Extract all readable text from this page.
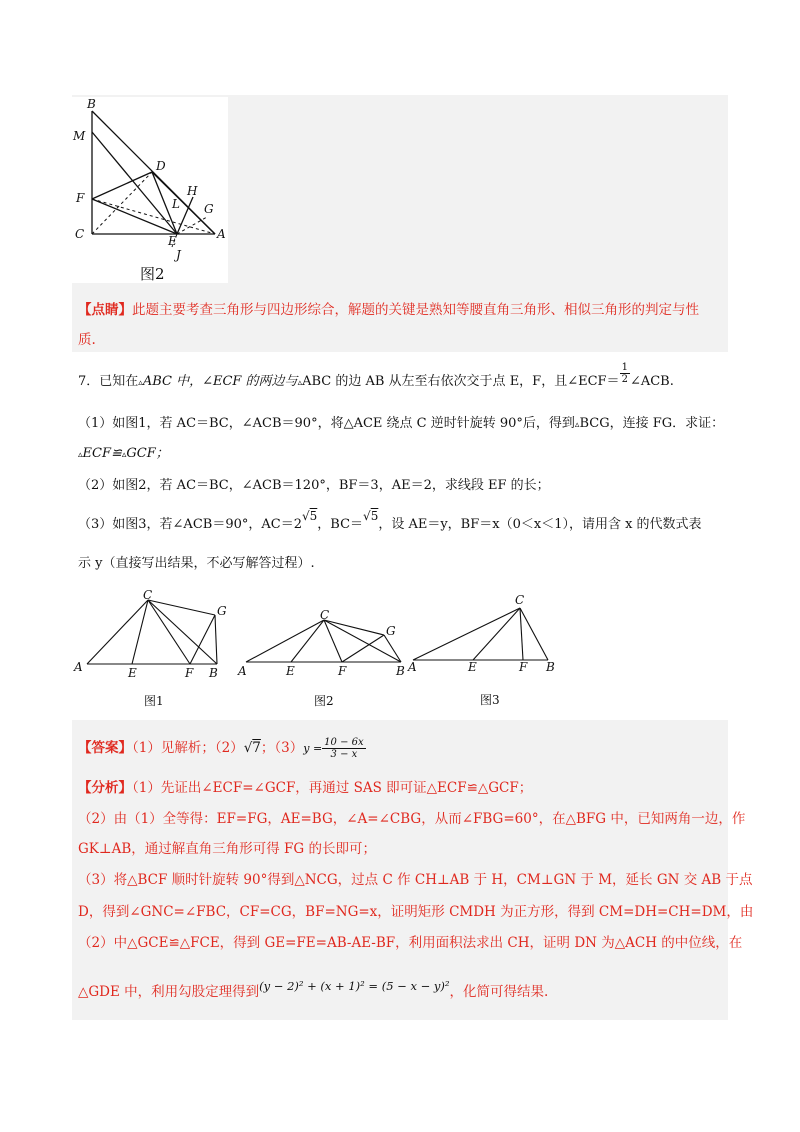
B
M
D
H
F	L G
C	E	A
J
图2
【点睛】此题主要考查三角形与四边形综合，解题的关键是熟知等腰直角三角形、相似三角形的判定与性
质.
7．已知在▵ABC 中，∠ECF 的两边与▵ABC 的边 AB 从左至右依次交于点 E，F，且∠ECF＝ $\frac{1}{2}$ ∠ACB.
（1）如图1，若 AC＝BC，∠ACB＝90°，将△ACE 绕点 C 逆时针旋转 90°后，得到▵BCG，连接 FG．求证：
▵ECF≌▵GCF；
（2）如图2，若 AC＝BC，∠ACB＝120°，BF＝3，AE＝2，求线段 EF 的长；
（3）如图3，若∠ACB＝90°，AC＝2√5，BC＝√5，设 AE＝y，BF＝x（0＜x＜1），请用含 x 的代数式表
示 y（直接写出结果，不必写解答过程）.
C
G
A	E	F B
图1
C
G
A	E	F	B
图2
C
A	E	F B
图3
【答案】（1）见解析；（2）√7；$(3)y = \frac{10 - 6x}{3 - x}$
【分析】（1）先证出∠ECF=∠GCF，再通过 SAS 即可证△ECF≌△GCF；
（2）由（1）全等得：EF=FG，AE=BG，∠A=∠CBG，从而∠FBG=60°，在△BFG 中，已知两角一边，作
GK⊥AB，通过解直角三角形可得 FG 的长即可；
（3）将△BCF 顺时针旋转 90°得到△NCG，过点 C 作 CH⊥AB 于 H，CM⊥GN 于 M，延长 GN 交 AB 于点
D，得到∠GNC=∠FBC，CF=CG，BF=NG=x，证明矩形 CMDH 为正方形，得到 CM=DH=CH=DM，由
（2）中△GCE≌△FCE，得到 GE=FE=AB-AE-BF，利用面积法求出 CH，证明 DN 为△ACH 的中位线，在
△GDE 中，利用勾股定理得到(y − 2)² + (x + 1)² = (5 − x − y)²，化简可得结果.
